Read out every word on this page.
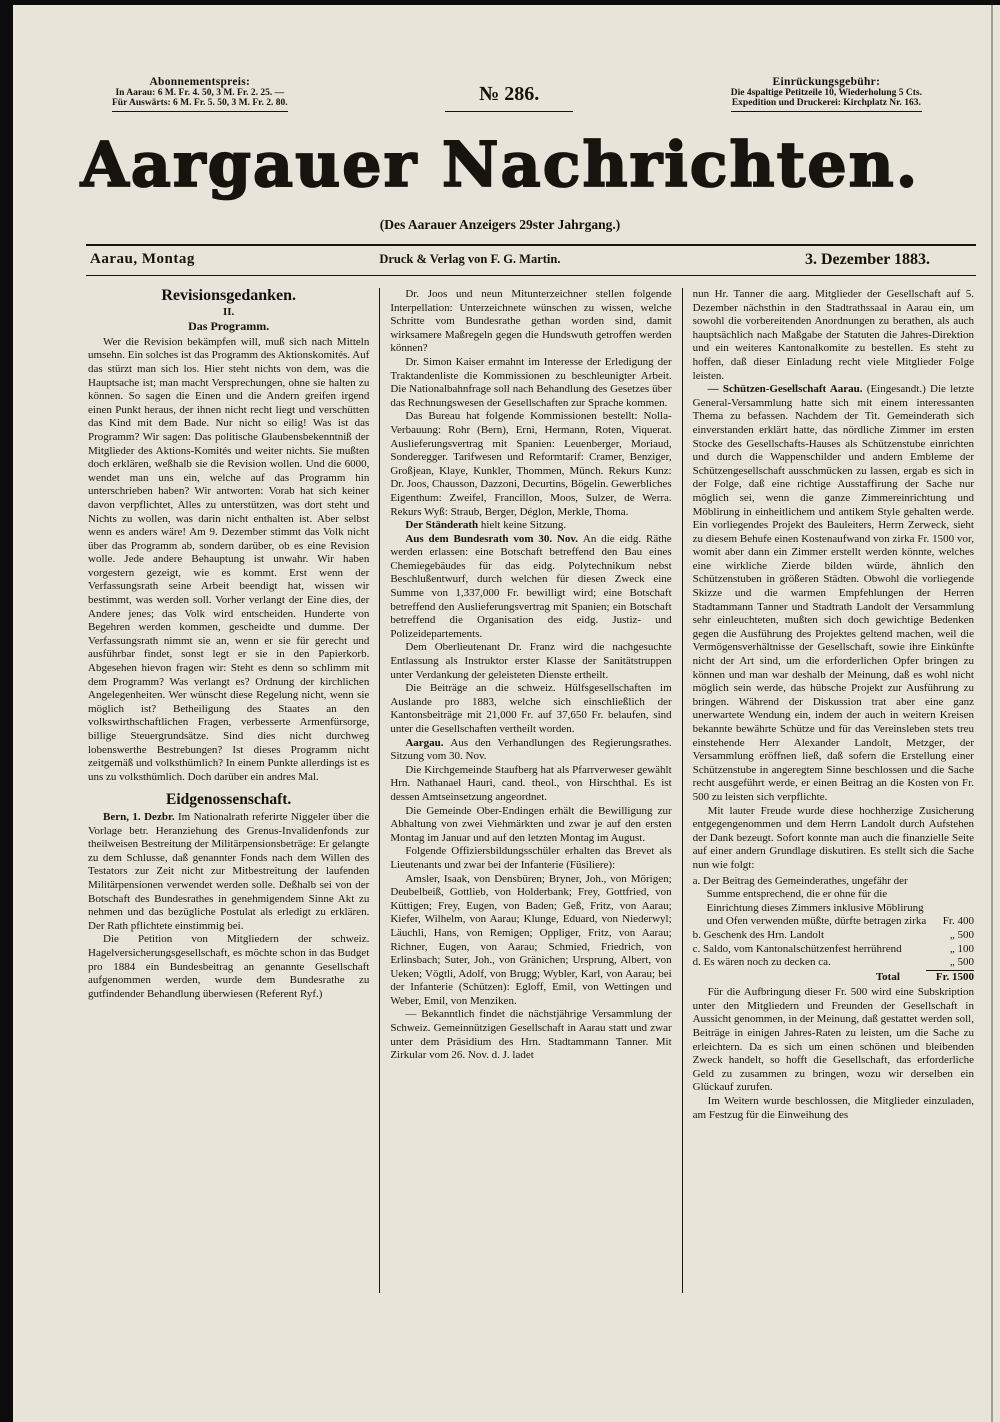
Abonnementspreis:
In Aarau: 6 M. Fr. 4. 50, 3 M. Fr. 2. 25. —
Für Auswärts: 6 M. Fr. 5. 50, 3 M. Fr. 2. 80.	№ 286.
Einrückungsgebühr:
Die 4spaltige Petitzeile 10, Wiederholung 5 Cts.
Expedition und Druckerei: Kirchplatz Nr. 163.
Aargauer Nachrichten.
(Des Aarauer Anzeigers 29ster Jahrgang.)
Aarau, Montag	Druck & Verlag von F. G. Martin.	3. Dezember 1883.

Revisionsgedanken.

II.

Das Programm.

Wer die Revision bekämpfen will, muß sich nach Mitteln umsehn. Ein solches ist das Programm des Aktionskomités. Auf das stürzt man sich los. Hier steht nichts von dem, was die Hauptsache ist; man macht Versprechungen, ohne sie halten zu können. So sagen die Einen und die Andern greifen irgend einen Punkt heraus, der ihnen nicht recht liegt und verschütten das Kind mit dem Bade. Nur nicht so eilig! Was ist das Programm? Wir sagen: Das politische Glaubensbekenntniß der Mitglieder des Aktions-Komités und weiter nichts. Sie mußten doch erklären, weßhalb sie die Revision wollen. Und die 6000, wendet man uns ein, welche auf das Programm hin unterschrieben haben? Wir antworten: Vorab hat sich keiner davon verpflichtet, Alles zu unterstützen, was dort steht und Nichts zu wollen, was darin nicht enthalten ist. Aber selbst wenn es anders wäre! Am 9. Dezember stimmt das Volk nicht über das Programm ab, sondern darüber, ob es eine Revision wolle. Jede andere Behauptung ist unwahr. Wir haben vorgestern gezeigt, wie es kommt. Erst wenn der Verfassungsrath seine Arbeit beendigt hat, wissen wir bestimmt, was werden soll. Vorher verlangt der Eine dies, der Andere jenes; das Volk wird entscheiden. Hunderte von Begehren werden kommen, gescheidte und dumme. Der Verfassungsrath nimmt sie an, wenn er sie für gerecht und ausführbar findet, sonst legt er sie in den Papierkorb. Abgesehen hievon fragen wir: Steht es denn so schlimm mit dem Programm? Was verlangt es? Ordnung der kirchlichen Angelegenheiten. Wer wünscht diese Regelung nicht, wenn sie möglich ist? Betheiligung des Staates an den volkswirthschaftlichen Fragen, verbesserte Armenfürsorge, billige Steuergrundsätze. Sind dies nicht durchweg lobenswerthe Bestrebungen? Ist dieses Programm nicht zeitgemäß und volksthümlich? In einem Punkte allerdings ist es uns zu volksthümlich. Doch darüber ein andres Mal.

Eidgenossenschaft.

Bern, 1. Dezbr. Im Nationalrath referirte Niggeler über die Vorlage betr. Heranziehung des Grenus-Invalidenfonds zur theilweisen Bestreitung der Militärpensionsbeträge: Er gelangte zu dem Schlusse, daß genannter Fonds nach dem Willen des Testators zur Zeit nicht zur Mitbestreitung der laufenden Militärpensionen verwendet werden solle. Deßhalb sei von der Botschaft des Bundesrathes in genehmigendem Sinne Akt zu nehmen und das bezügliche Postulat als erledigt zu erklären. Der Rath pflichtete einstimmig bei.

Die Petition von Mitgliedern der schweiz. Hagelversicherungsgesellschaft, es möchte schon in das Budget pro 1884 ein Bundesbeitrag an genannte Gesellschaft aufgenommen werden, wurde dem Bundesrathe zu gutfindender Behandlung überwiesen (Referent Ryf.)

Dr. Joos und neun Mitunterzeichner stellen folgende Interpellation: Unterzeichnete wünschen zu wissen, welche Schritte vom Bundesrathe gethan worden sind, damit wirksamere Maßregeln gegen die Hundswuth getroffen werden können?

Dr. Simon Kaiser ermahnt im Interesse der Erledigung der Traktandenliste die Kommissionen zu beschleunigter Arbeit. Die Nationalbahnfrage soll nach Behandlung des Gesetzes über das Rechnungswesen der Gesellschaften zur Sprache kommen.

Das Bureau hat folgende Kommissionen bestellt: Nolla-Verbauung: Rohr (Bern), Erni, Hermann, Roten, Viquerat. Auslieferungsvertrag mit Spanien: Leuenberger, Moriaud, Sonderegger. Tarifwesen und Reformtarif: Cramer, Benziger, Großjean, Klaye, Kunkler, Thommen, Münch. Rekurs Kunz: Dr. Joos, Chausson, Dazzoni, Decurtins, Bögelin. Gewerbliches Eigenthum: Zweifel, Francillon, Moos, Sulzer, de Werra. Rekurs Wyß: Straub, Berger, Déglon, Merkle, Thoma.

Der Ständerath hielt keine Sitzung.

Aus dem Bundesrath vom 30. Nov. An die eidg. Räthe werden erlassen: eine Botschaft betreffend den Bau eines Chemiegebäudes für das eidg. Polytechnikum nebst Beschlußentwurf, durch welchen für diesen Zweck eine Summe von 1,337,000 Fr. bewilligt wird; eine Botschaft betreffend den Auslieferungsvertrag mit Spanien; ein Botschaft betreffend die Organisation des eidg. Justiz- und Polizeidepartements.

Dem Oberlieutenant Dr. Franz wird die nachgesuchte Entlassung als Instruktor erster Klasse der Sanitätstruppen unter Verdankung der geleisteten Dienste ertheilt.

Die Beiträge an die schweiz. Hülfsgesellschaften im Auslande pro 1883, welche sich einschließlich der Kantonsbeiträge mit 21,000 Fr. auf 37,650 Fr. belaufen, sind unter die Gesellschaften vertheilt worden.

Aargau. Aus den Verhandlungen des Regierungsrathes. Sitzung vom 30. Nov.

Die Kirchgemeinde Staufberg hat als Pfarrverweser gewählt Hrn. Nathanael Hauri, cand. theol., von Hirschthal. Es ist dessen Amtseinsetzung angeordnet.

Die Gemeinde Ober-Endingen erhält die Bewilligung zur Abhaltung von zwei Viehmärkten und zwar je auf den ersten Montag im Januar und auf den letzten Montag im August.

Folgende Offiziersbildungsschüler erhalten das Brevet als Lieutenants und zwar bei der Infanterie (Füsiliere):

Amsler, Isaak, von Densbüren; Bryner, Joh., von Mörigen; Deubelbeiß, Gottlieb, von Holderbank; Frey, Gottfried, von Küttigen; Frey, Eugen, von Baden; Geß, Fritz, von Aarau; Kiefer, Wilhelm, von Aarau; Klunge, Eduard, von Niederwyl; Läuchli, Hans, von Remigen; Oppliger, Fritz, von Aarau; Richner, Eugen, von Aarau; Schmied, Friedrich, von Erlinsbach; Suter, Joh., von Gränichen; Ursprung, Albert, von Ueken; Vögtli, Adolf, von Brugg; Wybler, Karl, von Aarau; bei der Infanterie (Schützen): Egloff, Emil, von Wettingen und Weber, Emil, von Menziken.

— Bekanntlich findet die nächstjährige Versammlung der Schweiz. Gemeinnützigen Gesellschaft in Aarau statt und zwar unter dem Präsidium des Hrn. Stadtammann Tanner. Mit Zirkular vom 26. Nov. d. J. ladet

nun Hr. Tanner die aarg. Mitglieder der Gesellschaft auf 5. Dezember nächsthin in den Stadtrathssaal in Aarau ein, um sowohl die vorbereitenden Anordnungen zu berathen, als auch hauptsächlich nach Maßgabe der Statuten die Jahres-Direktion und ein weiteres Kantonalkomite zu bestellen. Es steht zu hoffen, daß dieser Einladung recht viele Mitglieder Folge leisten.

— Schützen-Gesellschaft Aarau. (Eingesandt.) Die letzte General-Versammlung hatte sich mit einem interessanten Thema zu befassen. Nachdem der Tit. Gemeinderath sich einverstanden erklärt hatte, das nördliche Zimmer im ersten Stocke des Gesellschafts-Hauses als Schützenstube einrichten und durch die Wappenschilder und andern Embleme der Schützengesellschaft ausschmücken zu lassen, ergab es sich in der Folge, daß eine richtige Ausstaffirung der Sache nur möglich sei, wenn die ganze Zimmereinrichtung und Möblirung in einheitlichem und antikem Style gehalten werde. Ein vorliegendes Projekt des Bauleiters, Herrn Zerweck, sieht zu diesem Behufe einen Kostenaufwand von zirka Fr. 1500 vor, womit aber dann ein Zimmer erstellt werden könnte, welches eine wirkliche Zierde bilden würde, ähnlich den Schützenstuben in größeren Städten. Obwohl die vorliegende Skizze und die warmen Empfehlungen der Herren Stadtammann Tanner und Stadtrath Landolt der Versammlung sehr einleuchteten, mußten sich doch gewichtige Bedenken gegen die Ausführung des Projektes geltend machen, weil die Vermögensverhältnisse der Gesellschaft, sowie ihre Einkünfte nicht der Art sind, um die erforderlichen Opfer bringen zu können und man war deshalb der Meinung, daß es wohl nicht möglich sein werde, das hübsche Projekt zur Ausführung zu bringen. Während der Diskussion trat aber eine ganz unerwartete Wendung ein, indem der auch in weitern Kreisen bekannte bewährte Schütze und für das Vereinsleben stets treu einstehende Herr Alexander Landolt, Metzger, der Versammlung eröffnen ließ, daß sofern die Erstellung einer Schützenstube in angeregtem Sinne beschlossen und die Sache recht ausgeführt werde, er einen Beitrag an die Kosten von Fr. 500 zu leisten sich verpflichte.

Mit lauter Freude wurde diese hochherzige Zusicherung entgegengenommen und dem Herrn Landolt durch Aufstehen der Dank bezeugt. Sofort konnte man auch die finanzielle Seite auf einer andern Grundlage diskutiren. Es stellt sich die Sache nun wie folgt:

a. Der Beitrag des Gemeinderathes, ungefähr der Summe entsprechend, die er ohne für die Einrichtung dieses Zimmers inklusive Möblirung und Ofen verwenden müßte, dürfte betragen zirka	Fr. 400
b. Geschenk des Hrn. Landolt	„ 500
c. Saldo, vom Kantonalschützenfest herrührend	„ 100
d. Es wären noch zu decken ca.	„ 500
Total	Fr. 1500

Für die Aufbringung dieser Fr. 500 wird eine Subskription unter den Mitgliedern und Freunden der Gesellschaft in Aussicht genommen, in der Meinung, daß gestattet werden soll, Beiträge in einigen Jahres-Raten zu leisten, um die Sache zu erleichtern. Da es sich um einen schönen und bleibenden Zweck handelt, so hofft die Gesellschaft, das erforderliche Geld zu zusammen zu bringen, wozu wir derselben ein Glückauf zurufen.

Im Weitern wurde beschlossen, die Mitglieder einzuladen, am Festzug für die Einweihung des
